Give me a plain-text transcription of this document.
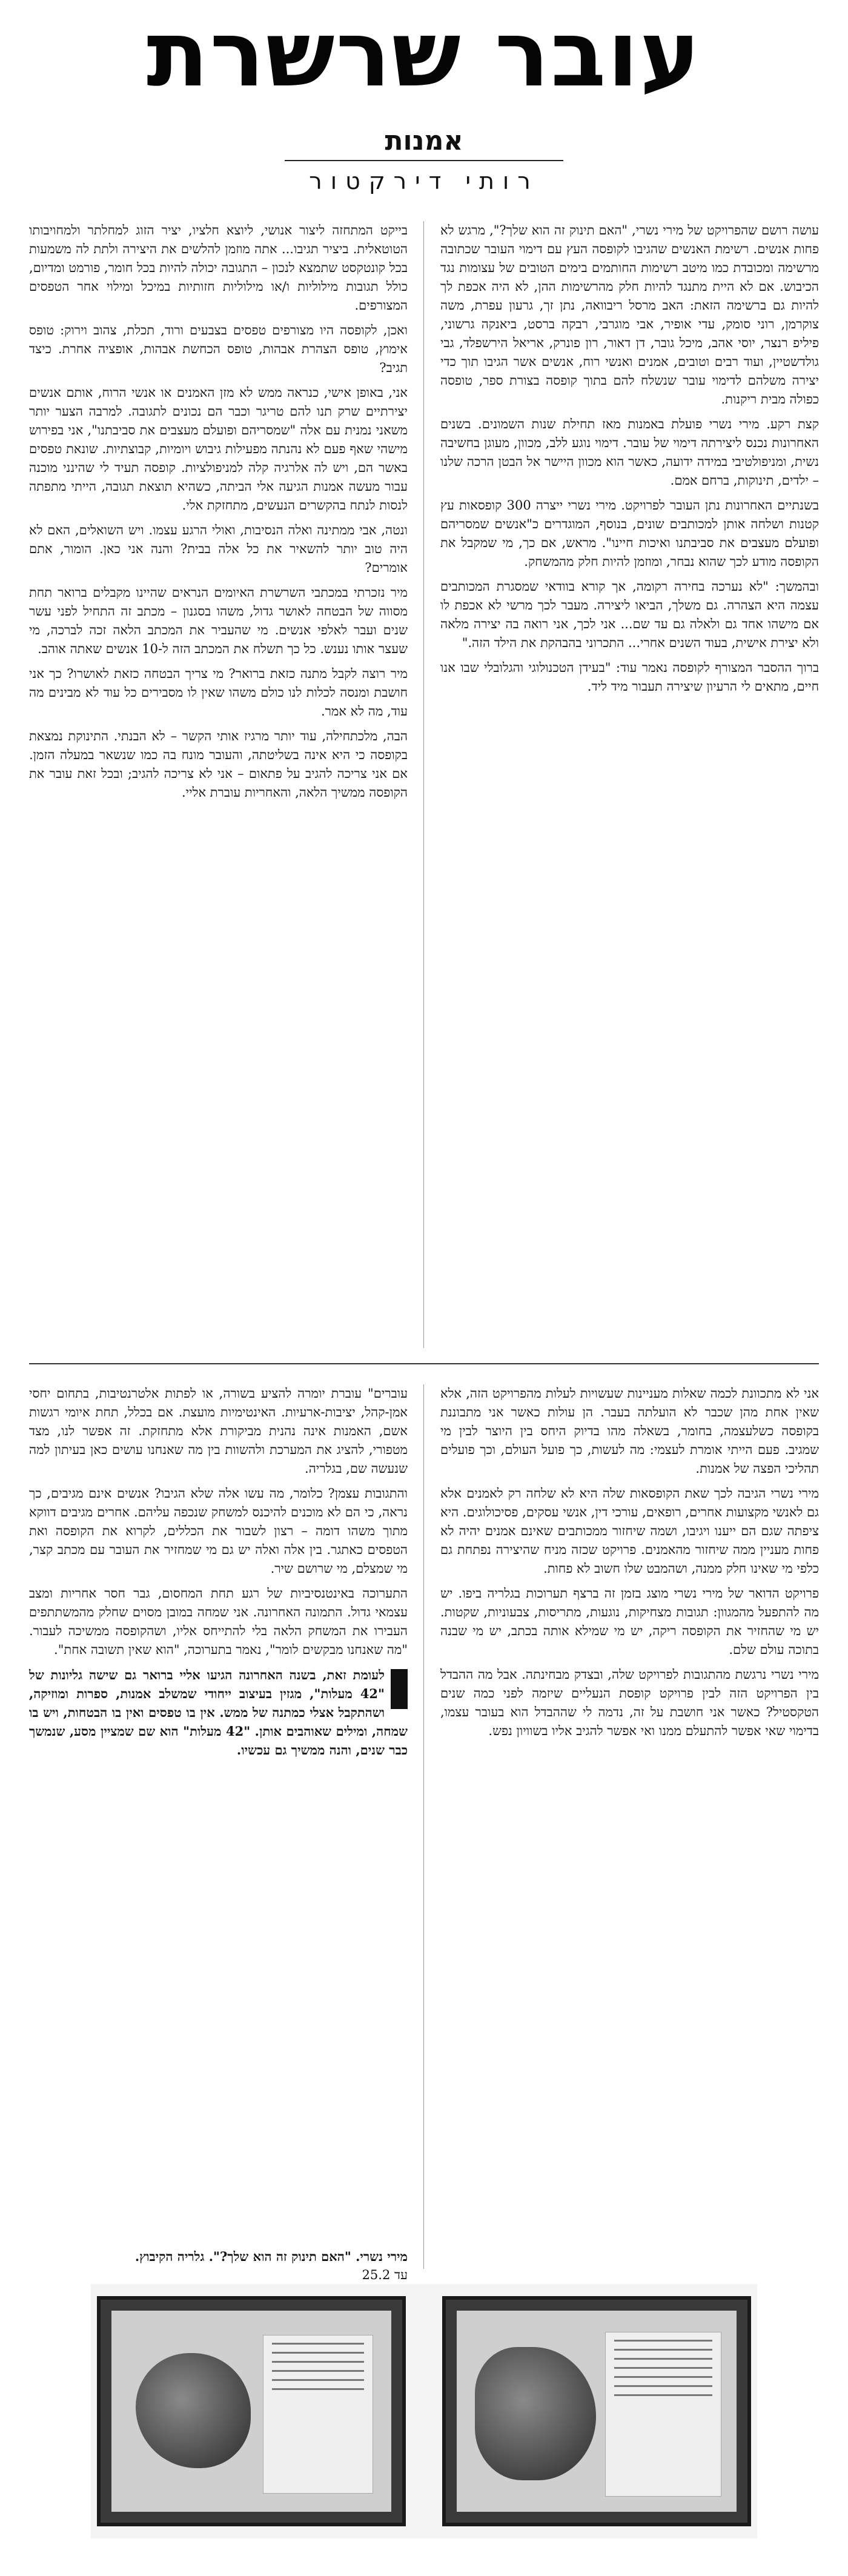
עובר שרשרת
אמנות
רותי דירקטור

עושה רושם שהפרויקט של מירי נשרי, "האם תינוק זה הוא שלך?", מרגש לא פחות אנשים. רשימת האנשים שהגיבו לקופסה העץ עם דימוי העובר שכתובה מרשימה ומכובדת כמו מיטב רשימות החותמים בימים הטובים של עצומות נגד הכיבוש. אם לא היית מתנגד להיות חלק מהרשימות ההן, לא היה אכפת לך להיות גם ברשימה הזאת: האב מרסל ריבוואה, נתן זך, גרעון עפרת, משה צוקרמן, רוני סומק, עדי אופיר, אבי מוגרבי, רבקה ברסט, ביאנקה גרשוני, פיליפ רנצר, יוסי אהב, מיכל גובר, דן דאור, רון פונרק, אריאל הירשפלד, גבי גולדשטיין, ועוד רבים וטובים, אמנים ואנשי רוח, אנשים אשר הגיבו תוך כדי יצירה משלהם לדימוי עובר שנשלח להם בתוך קופסה בצורת ספר, טופסה כפולה מבית ריקנות.

קצת רקע. מירי נשרי פועלת באמנות מאז תחילת שנות השמונים. בשנים האחרונות נכנס ליצירתה דימוי של עובר. דימוי נוגע ללב, מכוון, מעוגן בחשיבה נשית, ומניפולטיבי במידה ידועה, כאשר הוא מכוון היישר אל הבטן הרכה שלנו – ילדים, תינוקות, ברחם אמם.

בשנתיים האחרונות נתן העובר לפרויקט. מירי נשרי ייצרה 300 קופסאות עץ קטנות ושלחה אותן למכותבים שונים, בנוסף, המוגדרים כ"אנשים שמסריהם ופועלם מעצבים את סביבתנו ואיכות חיינו". מראש, אם כך, מי שמקבל את הקופסה מודע לכך שהוא נבחר, ומוזמן להיות חלק מהמשחק.

ובהמשך: "לא נערכה בחירה רקומה, אך קורא בוודאי שמסגרת המכותבים עצמה היא הצהרה. גם משלך, הביאו ליצירה. מעבר לכך מרשי לא אכפת לו אם מישהו אחד גם ולאלה גם עד שם... אני לכך, אני רואה בה יצירה מלאה ולא יצירת אישית, בעוד השנים אחרי... התכרוני בהבהקת את הילד הזה."

ברוך ההסבר המצורף לקופסה נאמר עוד: "בעידן הטכנולוגי והגלובלי שבו אנו חיים, מתאים לי הרעיון שיצירה תעבור מיד ליד.

בייקט המתחזה ליצור אנושי, ליוצא חלציו, יציר הזוג למחלתר ולמחויבותו הטוטאלית. ביציר תגיבו... אתה מוזמן להלשים את היצירה ולתת לה משמעות בכל קונטקסט שתמצא לנכון – התגובה יכולה להיות בכל חומר, פורמט ומדיום, כולל תגובות מילוליות ו/או מילוליות חזותיות במיכל ומילוי אחר הטפסים המצורפים.

ואכן, לקופסה היו מצורפים טפסים בצבעים ורוד, תכלת, צהוב וירוק: טופס אימוץ, טופס הצהרת אבהות, טופס הכחשת אבהות, אופציה אחרת. כיצד תגיב?

אני, באופן אישי, כנראה ממש לא מזן האמנים או אנשי הרוח, אותם אנשים יצירתיים שרק תנו להם טריגר וכבר הם נכונים לתגובה. למרבה הצער יותר משאני נמנית עם אלה "שמסריהם ופועלם מעצבים את סביבתנו", אני בפירוש מישהי שאף פעם לא נהנתה מפעילות גיבוש ויומיות, קבוצתיות. שונאת טפסים באשר הם, ויש לה אלרגיה קלה למניפולציות. קופסה תעיד לי שהינני מוכנה עבור מעשה אמנות הגיעה אלי הביתה, כשהיא תוצאת תגובה, הייתי מתפתה לנסות לנתח בהקשרים הנעשים, מתחזקת אלי.

ונטה, אבי ממתינה ואלה הנסיבות, ואולי הרגע עצמו. ויש השואלים, האם לא היה טוב יותר להשאיר את כל אלה בבית? והנה אני כאן. הומור, אתם אומרים?

מיר נזכרתי במכתבי השרשרת האיומים הנראים שהיינו מקבלים ברואר תחת מסווה של הבטחה לאושר גדול, משהו בסגנון – מכתב זה התחיל לפני עשר שנים ועבר לאלפי אנשים. מי שהעביר את המכתב הלאה זכה לברכה, מי שעצר אותו נענש. כל כך תשלח את המכתב הזה ל-10 אנשים שאתה אוהב.

מיר רוצה לקבל מתנה כזאת ברואר? מי צריך הבטחה כזאת לאושרו? כך אני חושבת ומנסה לכלות לנו כולם משהו שאין לו מסבירים כל עוד לא מבינים מה עוד, מה לא אמר.

הבה, מלכתחילה, עוד יותר מרגיז אותי הקשר – לא הבנתי. התינוקת נמצאת בקופסה כי היא אינה בשליטתה, והעובר מונח בה כמו שנשאר במעלה הזמן. אם אני צריכה להגיב על פתאום – אני לא צריכה להגיב; ובכל זאת עובר את הקופסה ממשיך הלאה, והאחריות עוברת אליי.

אני לא מתכוונת לכמה שאלות מעניינות שעשויות לעלות מהפרויקט הזה, אלא שאין אחת מהן שכבר לא הועלתה בעבר. הן עולות כאשר אני מתבוננת בקופסה כשלעצמה, בחומר, בשאלה מהו בדיוק היחס בין היוצר לבין מי שמגיב. פעם הייתי אומרת לעצמי: מה לעשות, כך פועל העולם, וכך פועלים תהליכי הפצה של אמנות.

מירי נשרי הגיבה לכך שאת הקופסאות שלה היא לא שלחה רק לאמנים אלא גם לאנשי מקצועות אחרים, רופאים, עורכי דין, אנשי עסקים, פסיכולוגים. היא ציפתה שגם הם ייענו ויגיבו, ושמה שיחזור ממכותבים שאינם אמנים יהיה לא פחות מעניין ממה שיחזור מהאמנים. פרויקט שכזה מניח שהיצירה נפתחת גם כלפי מי שאינו חלק ממנה, ושהמבט שלו חשוב לא פחות.

פרויקט הדואר של מירי נשרי מוצג בזמן זה ברצף תערוכות בגלריה ביפו. יש מה להתפעל מהמגוון: תגובות מצחיקות, נוגעות, מתריסות, צבעוניות, שקטות. יש מי שהחזיר את הקופסה ריקה, יש מי שמילא אותה בכתב, יש מי שבנה בתוכה עולם שלם.

מירי נשרי נרגשת מהתגובות לפרויקט שלה, ובצדק מבחינתה. אבל מה ההבדל בין הפרויקט הזה לבין פרויקט קופסת הנעליים שיזמה לפני כמה שנים הטקסטיל? כאשר אני חושבת על זה, נדמה לי שההבדל הוא בעובר עצמו, בדימוי שאי אפשר להתעלם ממנו ואי אפשר להגיב אליו בשוויון נפש.

עוברים" עוברת יומרה להציע בשורה, או לפתות אלטרנטיבות, בתחום יחסי אמן-קהל, יציבות-ארעיות. האינטימיות מועצת. אם בכלל, תחת איומי רגשות אשם, האמנות אינה נהנית מביקורת אלא מתחזקת. זה אפשר לנו, מצד מטפורי, להציג את המערכת ולהשוות בין מה שאנחנו עושים כאן בעיתון למה שנעשה שם, בגלריה.

והתגובות עצמן? כלומר, מה עשו אלה שלא הגיבו? אנשים אינם מגיבים, כך נראה, כי הם לא מוכנים להיכנס למשחק שנכפה עליהם. אחרים מגיבים דווקא מתוך משהו דומה – רצון לשבור את הכללים, לקרוא את הקופסה ואת הטפסים כאתגר. בין אלה ואלה יש גם מי שמחזיר את העובר עם מכתב קצר, מי שמצלם, מי שרושם שיר.

התערוכה באינטנסיביות של רגע תחת המחסום, גבר חסר אחריות ומצב עצמאי גדול. התמונה האחרונה. אני שמחה במובן מסוים שחלק מהמשתתפים העבירו את המשחק הלאה בלי להתייחס אליו, ושהקופסה ממשיכה לעבור. "מה שאנחנו מבקשים לומר", נאמר בתערוכה, "הוא שאין תשובה אחת".

לעומת זאת, בשנה האחרונה הגיעו אליי ברואר גם שישה גליונות של "42 מעלות", מגזין בעיצוב ייחודי שמשלב אמנות, ספרות ומוזיקה, ושהתקבל אצלי כמתנה של ממש. אין בו טפסים ואין בו הבטחות, ויש בו שמחה, ומילים שאוהבים אותן. "42 מעלות" הוא שם שמציין מסע, שנמשך כבר שנים, והנה ממשיך גם עכשיו.

מירי נשרי. "האם תינוק זה הוא שלך?". גלריה הקיבוץ.
עד 25.2
